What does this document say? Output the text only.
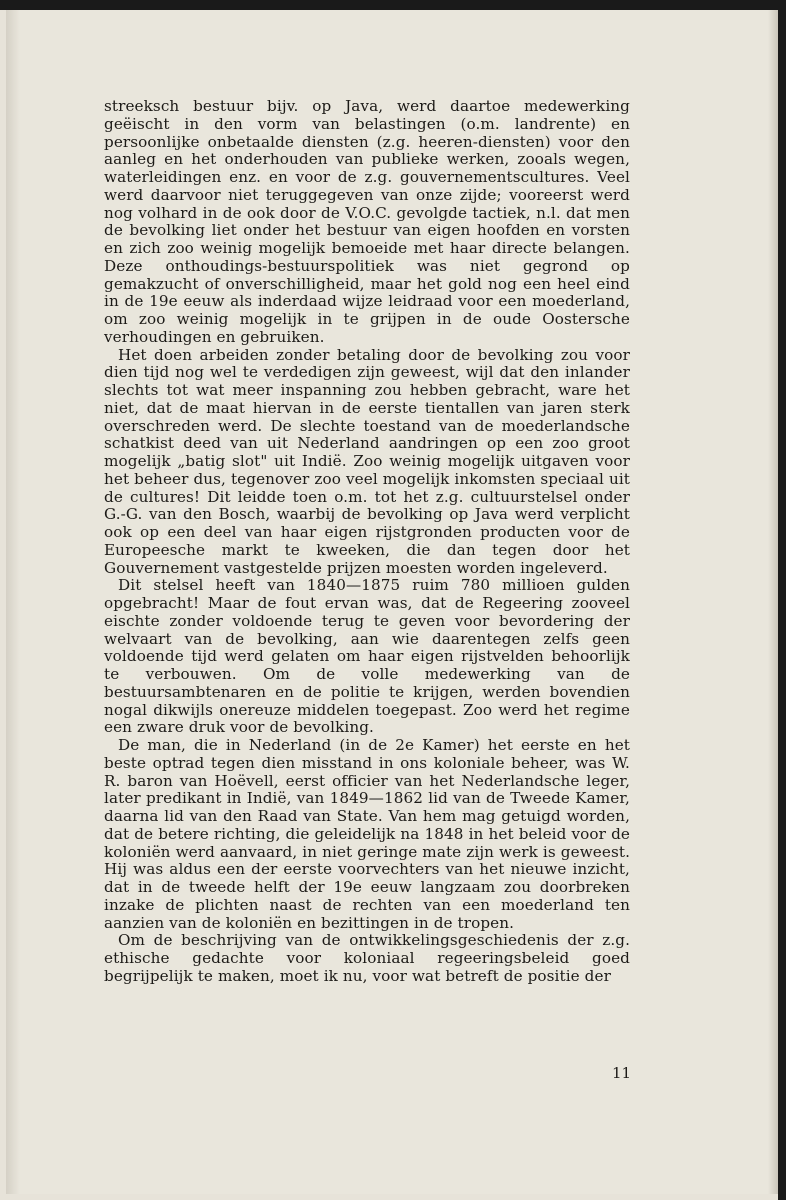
streeksch bestuur bijv. op Java, werd daartoe medewerking geëischt in den vorm van belastingen (o.m. landrente) en persoonlijke onbetaalde diensten (z.g. heeren-diensten) voor den aanleg en het onderhouden van publieke werken, zooals wegen, waterleidingen enz. en voor de z.g. gouvernementscultures. Veel werd daarvoor niet teruggegeven van onze zijde; vooreerst werd nog volhard in de ook door de V.O.C. gevolgde tactiek, n.l. dat men de bevolking liet onder het bestuur van eigen hoofden en vorsten en zich zoo weinig mogelijk bemoeide met haar directe belangen. Deze onthoudings-bestuurspolitiek was niet gegrond op gemakzucht of onverschilligheid, maar het gold nog een heel eind in de 19e eeuw als inderdaad wijze leidraad voor een moederland, om zoo weinig mogelijk in te grijpen in de oude Oostersche verhoudingen en gebruiken.

Het doen arbeiden zonder betaling door de bevolking zou voor dien tijd nog wel te verdedigen zijn geweest, wijl dat den inlander slechts tot wat meer inspanning zou hebben gebracht, ware het niet, dat de maat hiervan in de eerste tientallen van jaren sterk overschreden werd. De slechte toestand van de moederlandsche schatkist deed van uit Nederland aandringen op een zoo groot mogelijk „batig slot" uit Indië. Zoo weinig mogelijk uitgaven voor het beheer dus, tegenover zoo veel mogelijk inkomsten speciaal uit de cultures! Dit leidde toen o.m. tot het z.g. cultuurstelsel onder G.-G. van den Bosch, waarbij de bevolking op Java werd verplicht ook op een deel van haar eigen rijstgronden producten voor de Europeesche markt te kweeken, die dan tegen door het Gouvernement vastgestelde prijzen moesten worden ingeleverd.

Dit stelsel heeft van 1840—1875 ruim 780 millioen gulden opgebracht! Maar de fout ervan was, dat de Regeering zooveel eischte zonder voldoende terug te geven voor bevordering der welvaart van de bevolking, aan wie daarentegen zelfs geen voldoende tijd werd gelaten om haar eigen rijstvelden behoorlijk te verbouwen. Om de volle medewerking van de bestuursambtenaren en de politie te krijgen, werden bovendien nogal dikwijls onereuze middelen toegepast. Zoo werd het regime een zware druk voor de bevolking.

De man, die in Nederland (in de 2e Kamer) het eerste en het beste optrad tegen dien misstand in ons koloniale beheer, was W. R. baron van Hoëvell, eerst officier van het Nederlandsche leger, later predikant in Indië, van 1849—1862 lid van de Tweede Kamer, daarna lid van den Raad van State. Van hem mag getuigd worden, dat de betere richting, die geleidelijk na 1848 in het beleid voor de koloniën werd aanvaard, in niet geringe mate zijn werk is geweest. Hij was aldus een der eerste voorvechters van het nieuwe inzicht, dat in de tweede helft der 19e eeuw langzaam zou doorbreken inzake de plichten naast de rechten van een moederland ten aanzien van de koloniën en bezittingen in de tropen.

Om de beschrijving van de ontwikkelingsgeschiedenis der z.g. ethische gedachte voor koloniaal regeeringsbeleid goed begrijpelijk te maken, moet ik nu, voor wat betreft de positie der

11
